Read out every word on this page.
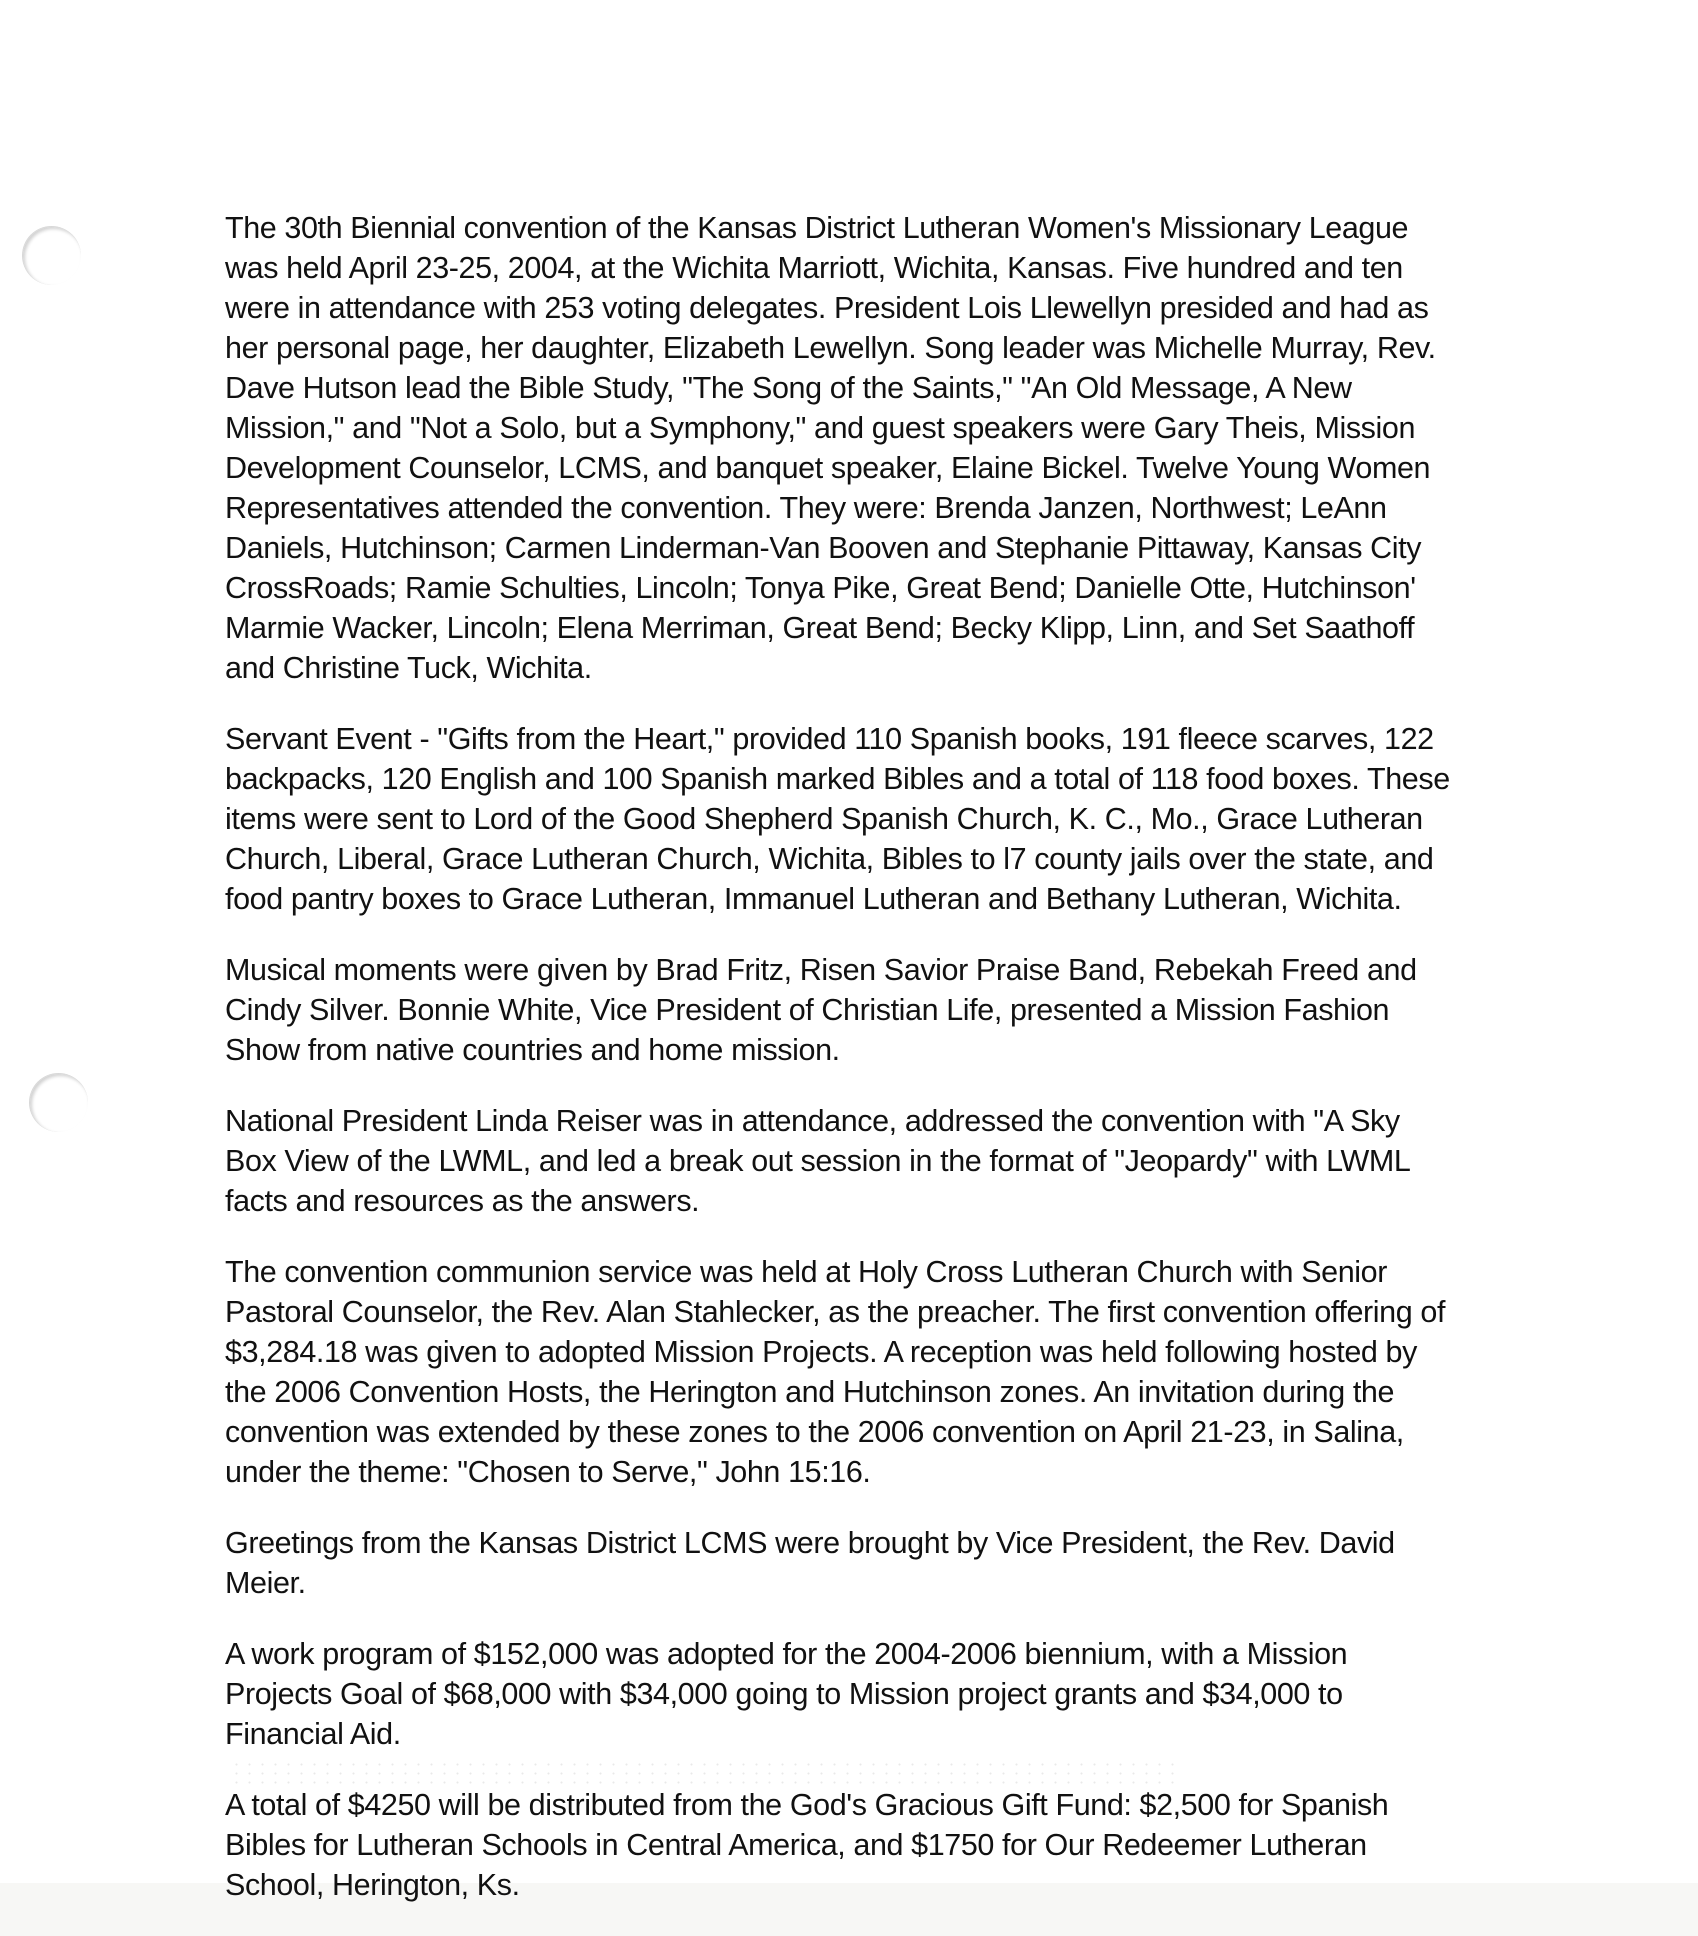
The 30th Biennial convention of the Kansas District Lutheran Women's Missionary League was held April 23-25, 2004, at the Wichita Marriott, Wichita, Kansas. Five hundred and ten were in attendance with 253 voting delegates. President Lois Llewellyn presided and had as her personal page, her daughter, Elizabeth Lewellyn. Song leader was Michelle Murray, Rev. Dave Hutson lead the Bible Study, "The Song of the Saints," "An Old Message, A New Mission," and "Not a Solo, but a Symphony," and guest speakers were Gary Theis, Mission Development Counselor, LCMS, and banquet speaker, Elaine Bickel. Twelve Young Women Representatives attended the convention. They were: Brenda Janzen, Northwest; LeAnn Daniels, Hutchinson; Carmen Linderman-Van Booven and Stephanie Pittaway, Kansas City CrossRoads; Ramie Schulties, Lincoln; Tonya Pike, Great Bend; Danielle Otte, Hutchinson' Marmie Wacker, Lincoln; Elena Merriman, Great Bend; Becky Klipp, Linn, and Set Saathoff and Christine Tuck, Wichita.

Servant Event - "Gifts from the Heart," provided 110 Spanish books, 191 fleece scarves, 122 backpacks, 120 English and 100 Spanish marked Bibles and a total of 118 food boxes. These items were sent to Lord of the Good Shepherd Spanish Church, K. C., Mo., Grace Lutheran Church, Liberal, Grace Lutheran Church, Wichita, Bibles to l7 county jails over the state, and food pantry boxes to Grace Lutheran, Immanuel Lutheran and Bethany Lutheran, Wichita.

Musical moments were given by Brad Fritz, Risen Savior Praise Band, Rebekah Freed and Cindy Silver. Bonnie White, Vice President of Christian Life, presented a Mission Fashion Show from native countries and home mission.

National President Linda Reiser was in attendance, addressed the convention with "A Sky Box View of the LWML, and led a break out session in the format of "Jeopardy" with LWML facts and resources as the answers.

The convention communion service was held at Holy Cross Lutheran Church with Senior Pastoral Counselor, the Rev. Alan Stahlecker, as the preacher. The first convention offering of $3,284.18 was given to adopted Mission Projects. A reception was held following hosted by the 2006 Convention Hosts, the Herington and Hutchinson zones. An invitation during the convention was extended by these zones to the 2006 convention on April 21-23, in Salina, under the theme: "Chosen to Serve," John 15:16.

Greetings from the Kansas District LCMS were brought by Vice President, the Rev. David Meier.

A work program of $152,000 was adopted for the 2004-2006 biennium, with a Mission Projects Goal of $68,000 with $34,000 going to Mission project grants and $34,000 to Financial Aid.

A total of $4250 will be distributed from the God's Gracious Gift Fund: $2,500 for Spanish Bibles for Lutheran Schools in Central America, and $1750 for Our Redeemer Lutheran School, Herington, Ks.
